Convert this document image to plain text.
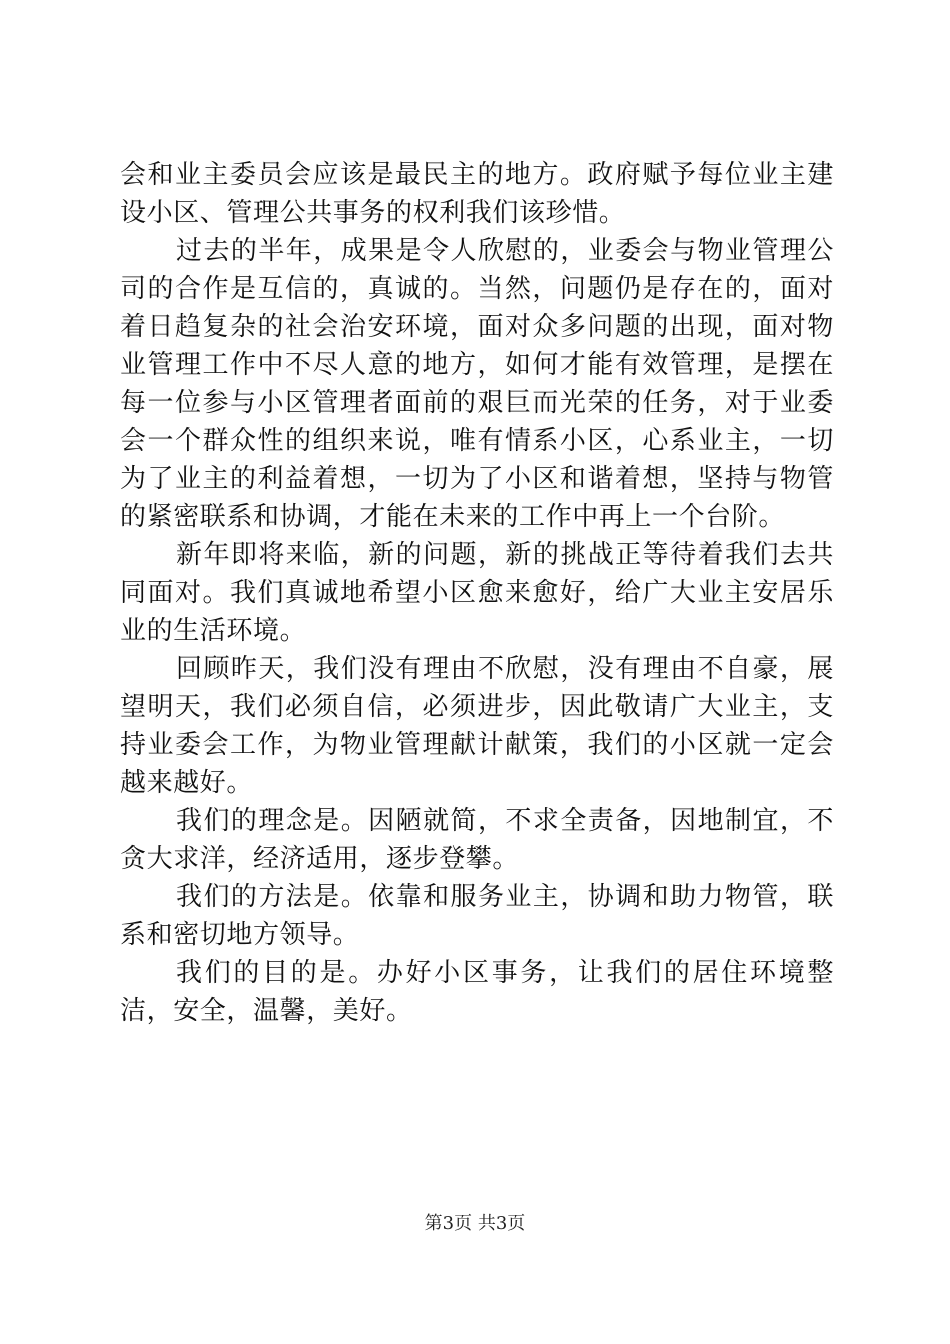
会和业主委员会应该是最民主的地方。政府赋予每位业主建设小区、管理公共事务的权利我们该珍惜。

过去的半年，成果是令人欣慰的，业委会与物业管理公司的合作是互信的，真诚的。当然，问题仍是存在的，面对着日趋复杂的社会治安环境，面对众多问题的出现，面对物业管理工作中不尽人意的地方，如何才能有效管理，是摆在每一位参与小区管理者面前的艰巨而光荣的任务，对于业委会一个群众性的组织来说，唯有情系小区，心系业主，一切为了业主的利益着想，一切为了小区和谐着想，坚持与物管的紧密联系和协调，才能在未来的工作中再上一个台阶。

新年即将来临，新的问题，新的挑战正等待着我们去共同面对。我们真诚地希望小区愈来愈好，给广大业主安居乐业的生活环境。

回顾昨天，我们没有理由不欣慰，没有理由不自豪，展望明天，我们必须自信，必须进步，因此敬请广大业主，支持业委会工作，为物业管理献计献策，我们的小区就一定会越来越好。

我们的理念是。因陋就简，不求全责备，因地制宜，不贪大求洋，经济适用，逐步登攀。

我们的方法是。依靠和服务业主，协调和助力物管，联系和密切地方领导。

我们的目的是。办好小区事务，让我们的居住环境整洁，安全，温馨，美好。

第3页 共3页
